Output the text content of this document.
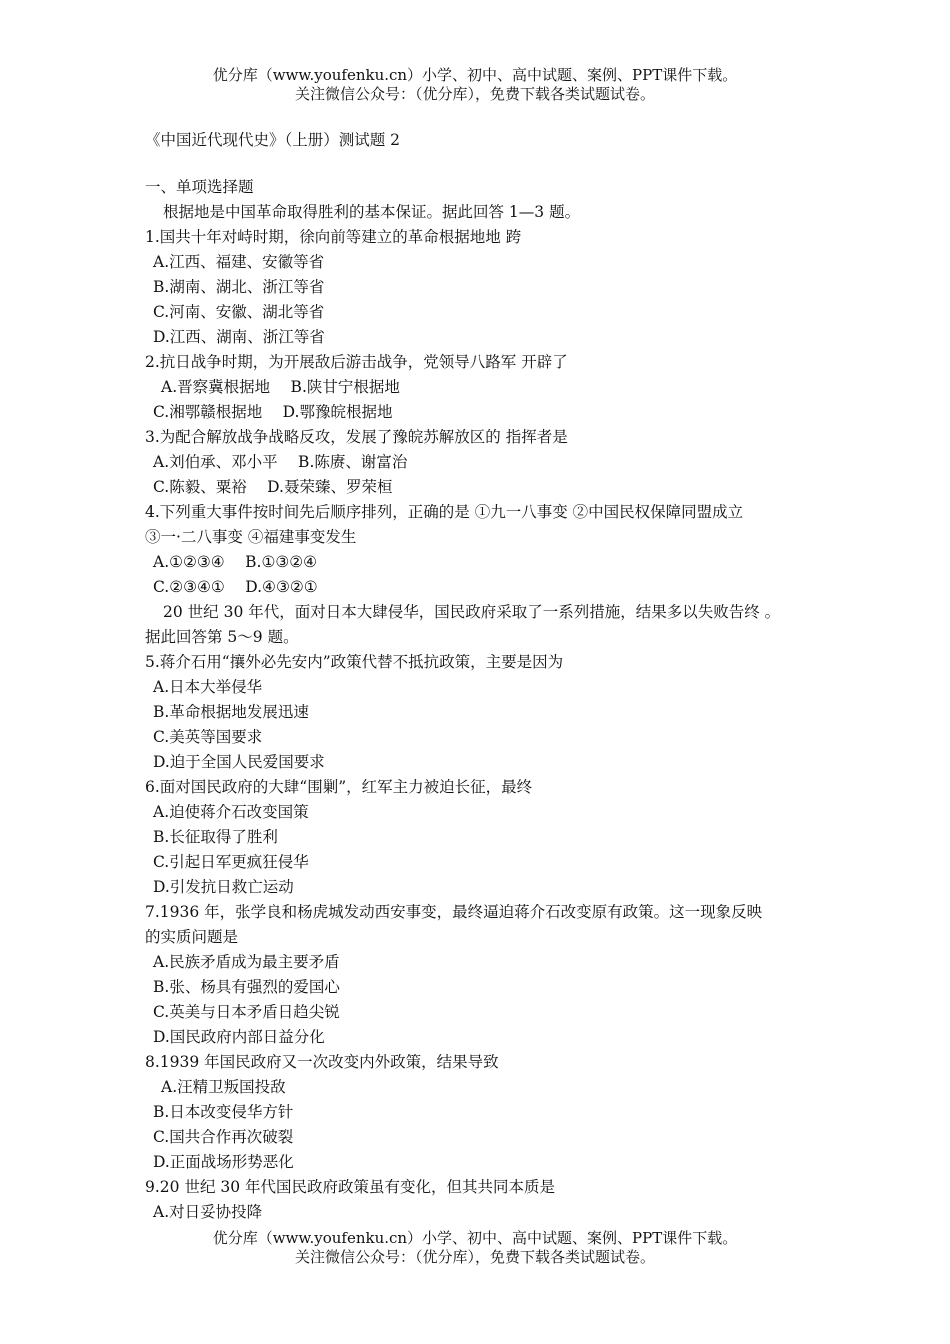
优分库（www.youfenku.cn）小学、初中、高中试题、案例、PPT课件下载。
关注微信公众号：（优分库），免费下载各类试题试卷。
《中国近代现代史》（上册）测试题 2
一、单项选择题
根据地是中国革命取得胜利的基本保证。据此回答 1—3 题。
1.国共十年对峙时期，徐向前等建立的革命根据地地 跨
A.江西、福建、安徽等省
B.湖南、湖北、浙江等省
C.河南、安徽、湖北等省
D.江西、湖南、浙江等省
2.抗日战争时期，为开展敌后游击战争，党领导八路军 开辟了
A.晋察冀根据地　 B.陕甘宁根据地
C.湘鄂赣根据地　 D.鄂豫皖根据地
3.为配合解放战争战略反攻，发展了豫皖苏解放区的 指挥者是
A.刘伯承、邓小平　 B.陈赓、谢富治
C.陈毅、粟裕　 D.聂荣臻、罗荣桓
4.下列重大事件按时间先后顺序排列，正确的是 ①九一八事变 ②中国民权保障同盟成立
③一·二八事变 ④福建事变发生
A.①②③④　 B.①③②④
C.②③④①　 D.④③②①
20 世纪 30 年代，面对日本大肆侵华，国民政府采取了一系列措施，结果多以失败告终 。
据此回答第 5～9 题。
5.蒋介石用“攘外必先安内”政策代替不抵抗政策，主要是因为
A.日本大举侵华
B.革命根据地发展迅速
C.美英等国要求
D.迫于全国人民爱国要求
6.面对国民政府的大肆“围剿”，红军主力被迫长征，最终
A.迫使蒋介石改变国策
B.长征取得了胜利
C.引起日军更疯狂侵华
D.引发抗日救亡运动
7.1936 年，张学良和杨虎城发动西安事变，最终逼迫蒋介石改变原有政策。这一现象反映
的实质问题是
A.民族矛盾成为最主要矛盾
B.张、杨具有强烈的爱国心
C.英美与日本矛盾日趋尖锐
D.国民政府内部日益分化
8.1939 年国民政府又一次改变内外政策，结果导致
A.汪精卫叛国投敌
B.日本改变侵华方针
C.国共合作再次破裂
D.正面战场形势恶化
9.20 世纪 30 年代国民政府政策虽有变化，但其共同本质是
A.对日妥协投降
优分库（www.youfenku.cn）小学、初中、高中试题、案例、PPT课件下载。
关注微信公众号：（优分库），免费下载各类试题试卷。
